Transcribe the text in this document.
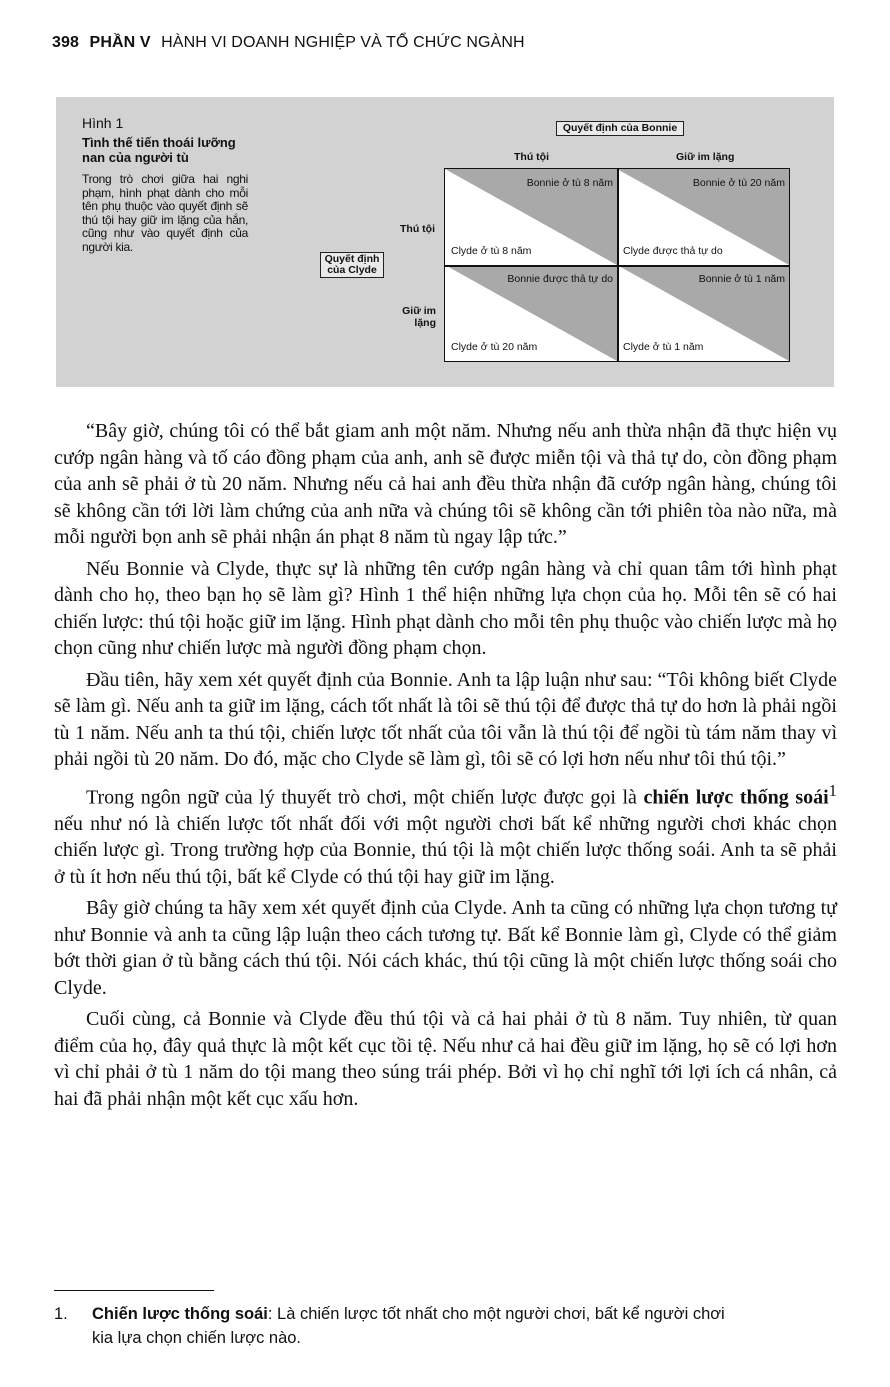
398 PHẦN V HÀNH VI DOANH NGHIỆP VÀ TỔ CHỨC NGÀNH
Hình 1
Tình thế tiến thoái lưỡng nan của người tù
Trong trò chơi giữa hai nghi phạm, hình phạt dành cho mỗi tên phụ thuộc vào quyết định sẽ thú tội hay giữ im lặng của hắn, cũng như vào quyết định của người kia.
Quyết định của Bonnie
Thú tội	Giữ im lặng
Quyết định của Clyde
Thú tội
Giữ im lặng
Bonnie ở tù 8 năm
Clyde ở tù 8 năm
Bonnie ở tù 20 năm
Clyde được thả tự do
Bonnie được thả tự do
Clyde ở tù 20 năm
Bonnie ở tù 1 năm
Clyde ở tù 1 năm

“Bây giờ, chúng tôi có thể bắt giam anh một năm. Nhưng nếu anh thừa nhận đã thực hiện vụ cướp ngân hàng và tố cáo đồng phạm của anh, anh sẽ được miễn tội và thả tự do, còn đồng phạm của anh sẽ phải ở tù 20 năm. Nhưng nếu cả hai anh đều thừa nhận đã cướp ngân hàng, chúng tôi sẽ không cần tới lời làm chứng của anh nữa và chúng tôi sẽ không cần tới phiên tòa nào nữa, mà mỗi người bọn anh sẽ phải nhận án phạt 8 năm tù ngay lập tức.”

Nếu Bonnie và Clyde, thực sự là những tên cướp ngân hàng và chỉ quan tâm tới hình phạt dành cho họ, theo bạn họ sẽ làm gì? Hình 1 thể hiện những lựa chọn của họ. Mỗi tên sẽ có hai chiến lược: thú tội hoặc giữ im lặng. Hình phạt dành cho mỗi tên phụ thuộc vào chiến lược mà họ chọn cũng như chiến lược mà người đồng phạm chọn.

Đầu tiên, hãy xem xét quyết định của Bonnie. Anh ta lập luận như sau: “Tôi không biết Clyde sẽ làm gì. Nếu anh ta giữ im lặng, cách tốt nhất là tôi sẽ thú tội để được thả tự do hơn là phải ngồi tù 1 năm. Nếu anh ta thú tội, chiến lược tốt nhất của tôi vẫn là thú tội để ngồi tù tám năm thay vì phải ngồi tù 20 năm. Do đó, mặc cho Clyde sẽ làm gì, tôi sẽ có lợi hơn nếu như tôi thú tội.”

Trong ngôn ngữ của lý thuyết trò chơi, một chiến lược được gọi là chiến lược thống soái$^1$ nếu như nó là chiến lược tốt nhất đối với một người chơi bất kể những người chơi khác chọn chiến lược gì. Trong trường hợp của Bonnie, thú tội là một chiến lược thống soái. Anh ta sẽ phải ở tù ít hơn nếu thú tội, bất kể Clyde có thú tội hay giữ im lặng.

Bây giờ chúng ta hãy xem xét quyết định của Clyde. Anh ta cũng có những lựa chọn tương tự như Bonnie và anh ta cũng lập luận theo cách tương tự. Bất kể Bonnie làm gì, Clyde có thể giảm bớt thời gian ở tù bằng cách thú tội. Nói cách khác, thú tội cũng là một chiến lược thống soái cho Clyde.

Cuối cùng, cả Bonnie và Clyde đều thú tội và cả hai phải ở tù 8 năm. Tuy nhiên, từ quan điểm của họ, đây quả thực là một kết cục tồi tệ. Nếu như cả hai đều giữ im lặng, họ sẽ có lợi hơn vì chỉ phải ở tù 1 năm do tội mang theo súng trái phép. Bởi vì họ chỉ nghĩ tới lợi ích cá nhân, cả hai đã phải nhận một kết cục xấu hơn.

1. Chiến lược thống soái: Là chiến lược tốt nhất cho một người chơi, bất kể người chơi
kia lựa chọn chiến lược nào.
